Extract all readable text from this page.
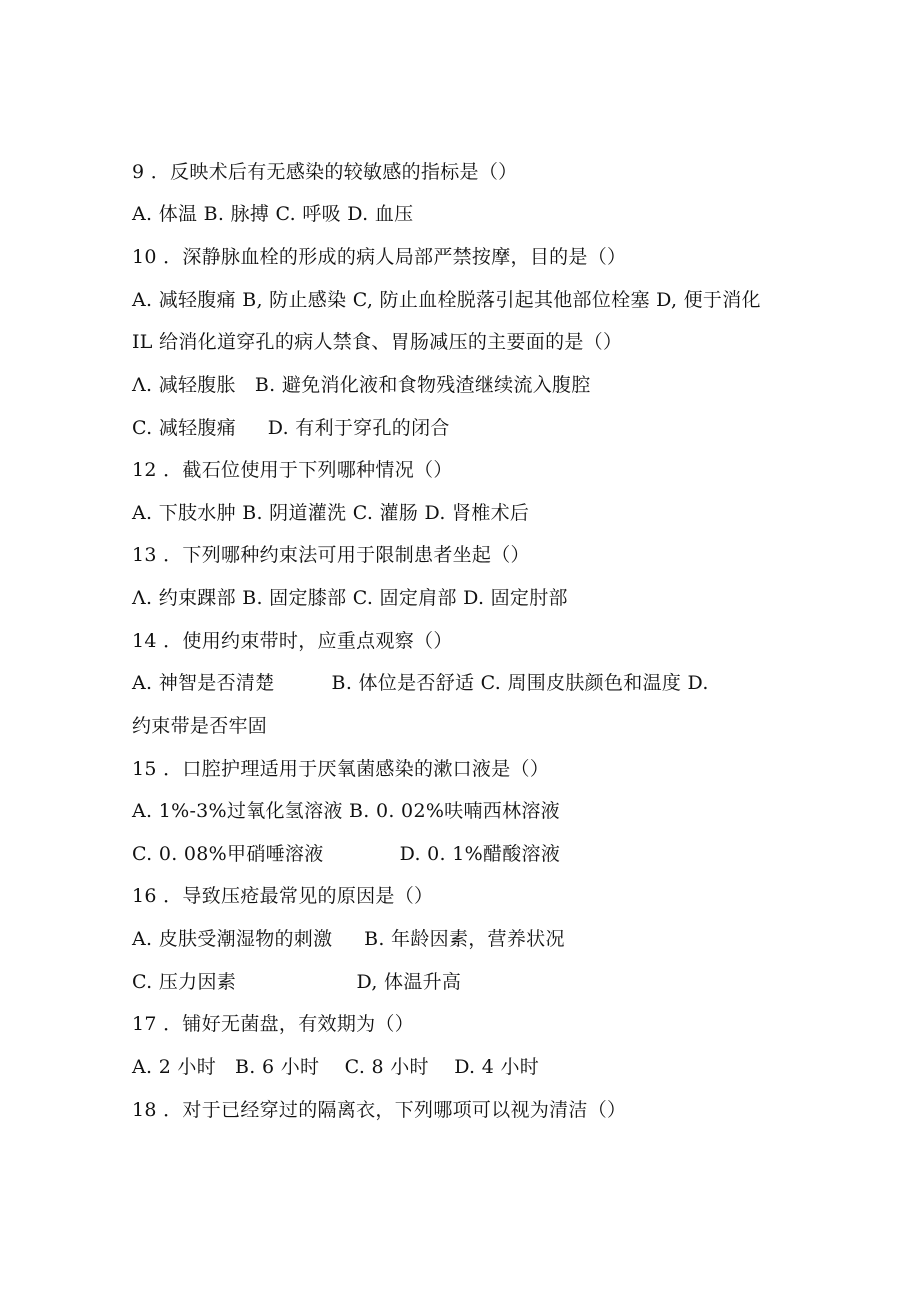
9 ．反映术后有无感染的较敏感的指标是（）
A. 体温 B. 脉搏 C. 呼吸 D. 血压
10 ．深静脉血栓的形成的病人局部严禁按摩，目的是（）
A. 减轻腹痛 B, 防止感染 C, 防止血栓脱落引起其他部位栓塞 D, 便于消化
IL 给消化道穿孔的病人禁食、胃肠减压的主要面的是（）
Λ. 减轻腹胀   B. 避免消化液和食物残渣继续流入腹腔
C. 减轻腹痛     D. 有利于穿孔的闭合
12 ．截石位使用于下列哪种情况（）
A. 下肢水肿 B. 阴道灌洗 C. 灌肠 D. 肾椎术后
13 ．下列哪种约束法可用于限制患者坐起（）
Λ. 约束踝部 B. 固定膝部 C. 固定肩部 D. 固定肘部
14 ．使用约束带时，应重点观察（）
A. 神智是否清楚         B. 体位是否舒适 C. 周围皮肤颜色和温度 D.
约束带是否牢固
15 ．口腔护理适用于厌氧菌感染的漱口液是（）
A. 1%-3%过氧化氢溶液 B. 0. 02%呋喃西林溶液
C. 0. 08%甲硝唾溶液            D. 0. 1%醋酸溶液
16 ．导致压疮最常见的原因是（）
A. 皮肤受潮湿物的刺激     B. 年龄因素，营养状况
C. 压力因素                   D, 体温升高
17 ．铺好无菌盘，有效期为（）
A. 2 小时   B. 6 小时    C. 8 小时    D. 4 小时
18 ．对于已经穿过的隔离衣，下列哪项可以视为清洁（）
